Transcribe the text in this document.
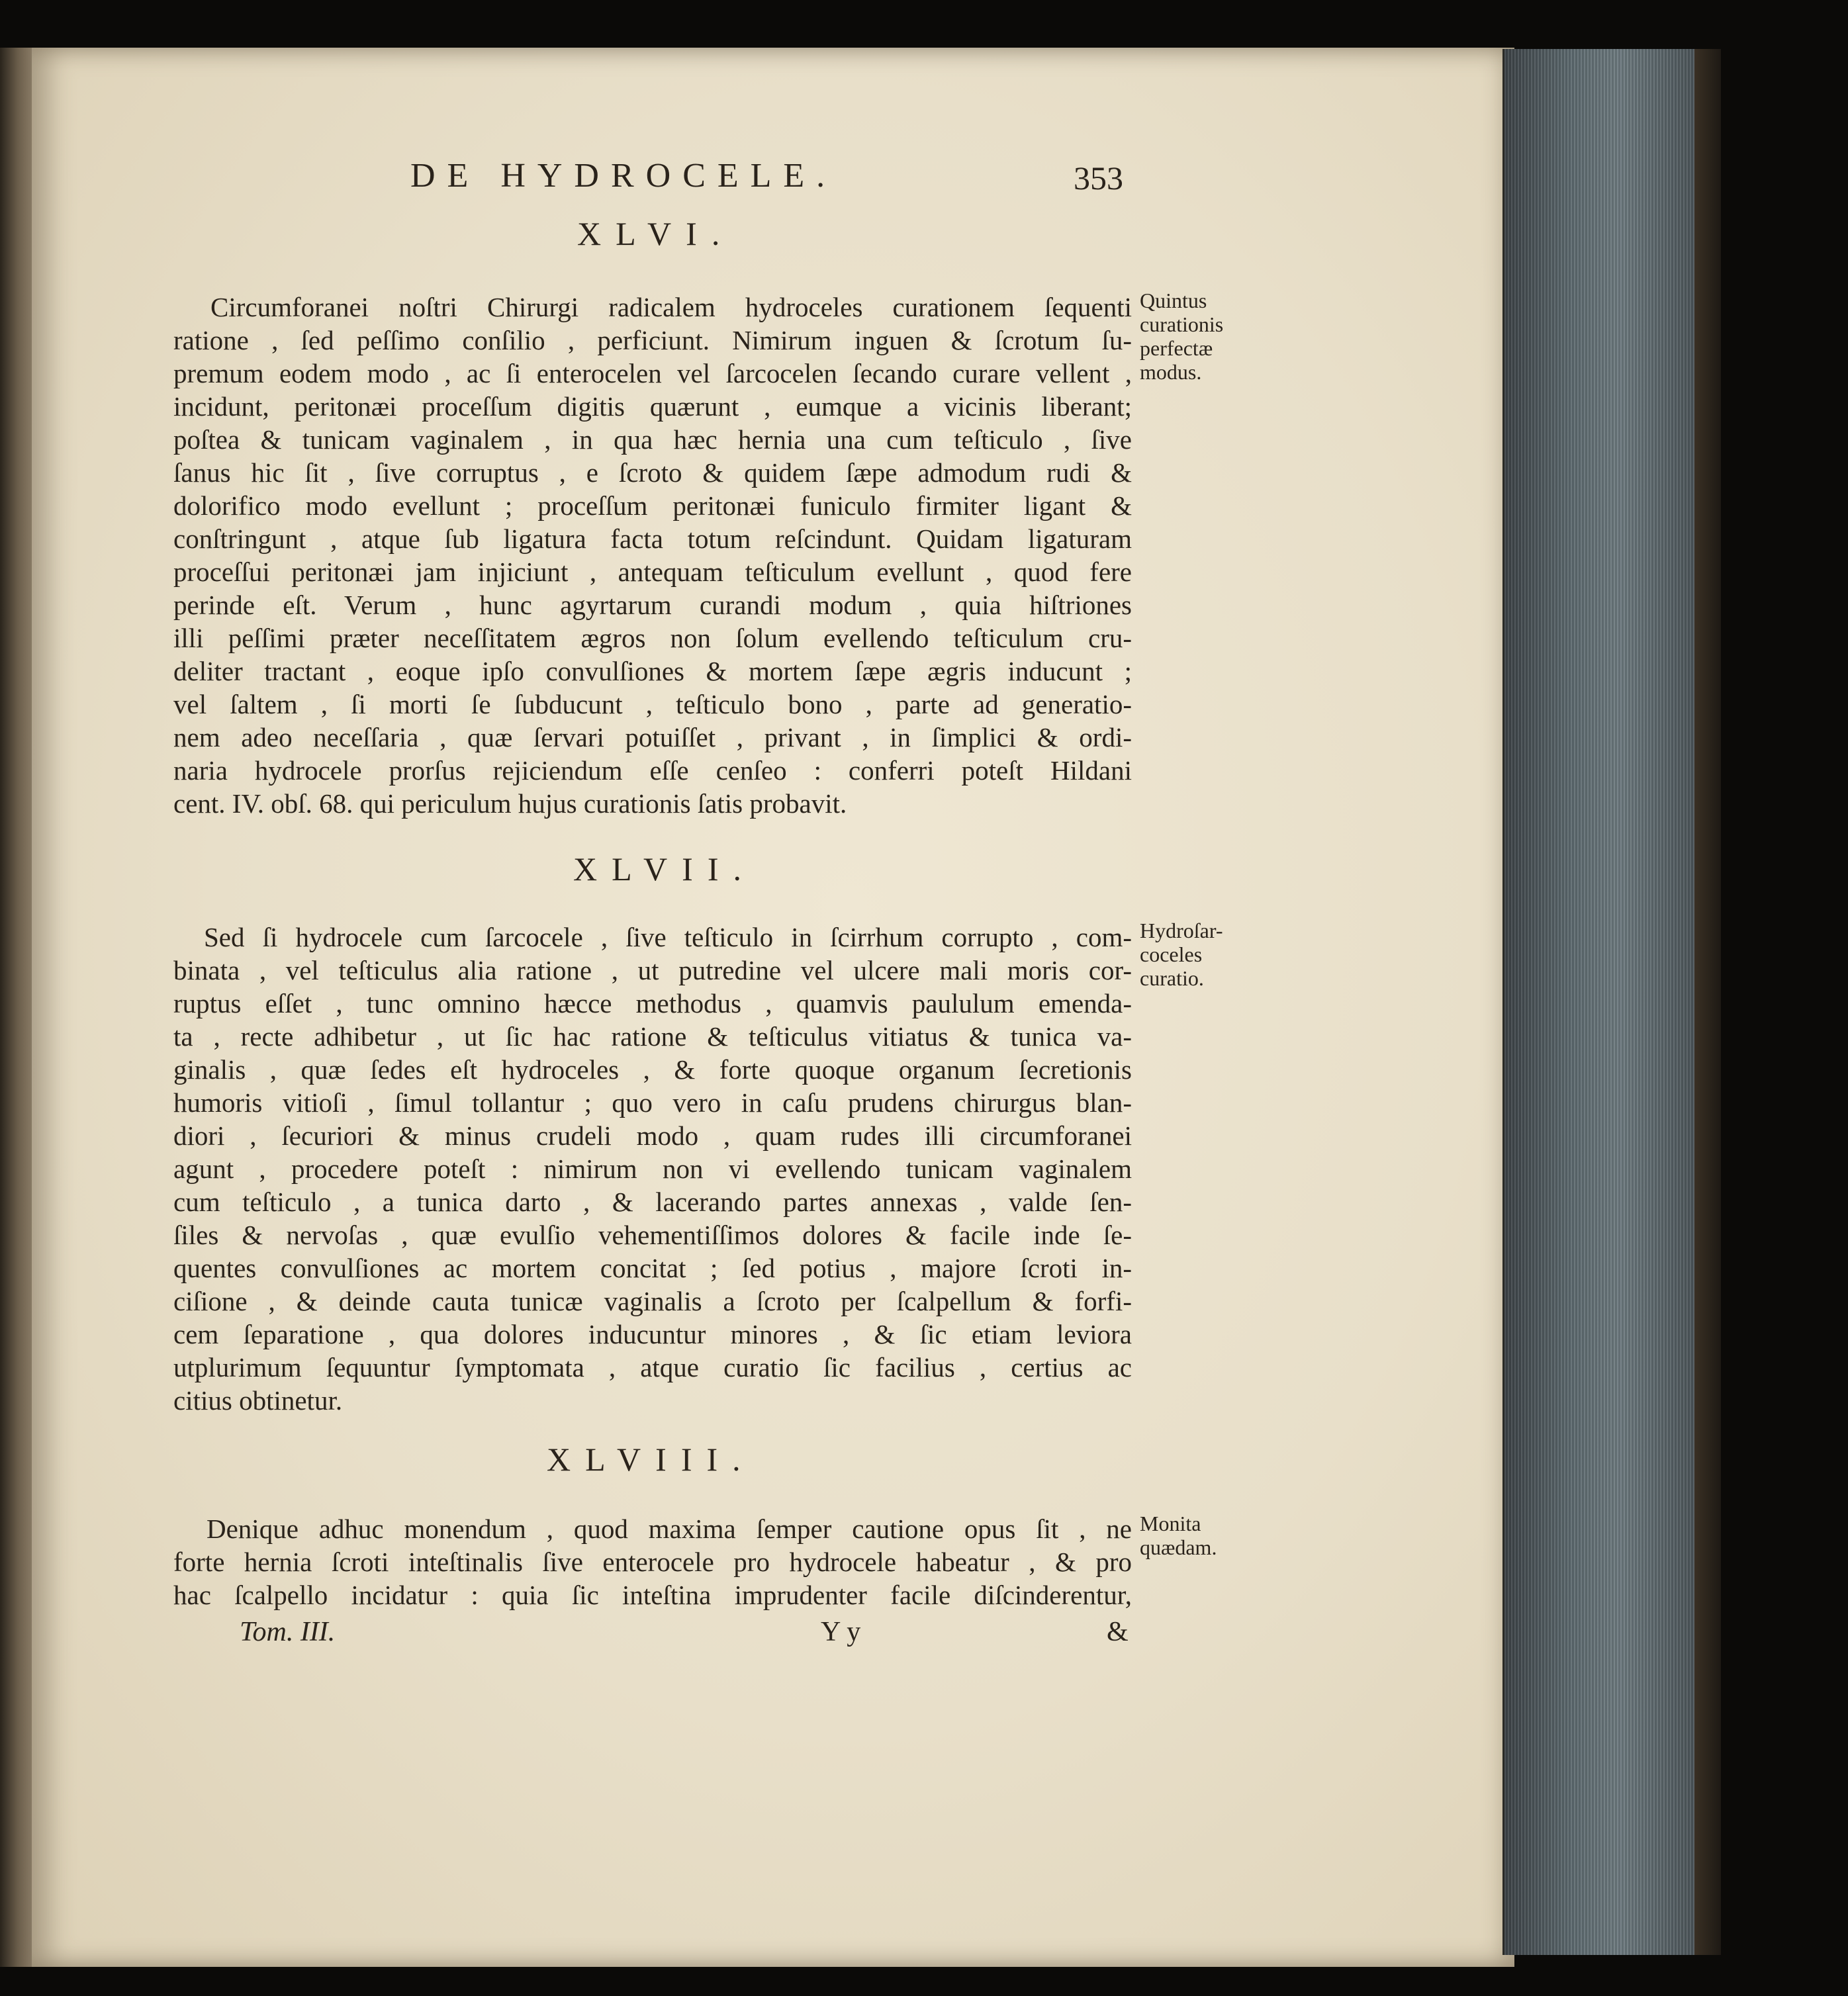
DE HYDROCELE.	353
XLVI.
Quintus
curationis
perfectæ
modus.
Circumforanei noſtri Chirurgi radicalem hydroceles curationem ſequenti
ratione , ſed peſſimo conſilio , perficiunt. Nimirum inguen & ſcrotum ſu-
premum eodem modo , ac ſi enterocelen vel ſarcocelen ſecando curare vellent ,
incidunt, peritonæi proceſſum digitis quærunt , eumque a vicinis liberant;
poſtea & tunicam vaginalem , in qua hæc hernia una cum teſticulo , ſive
ſanus hic ſit , ſive corruptus , e ſcroto & quidem ſæpe admodum rudi &
dolorifico modo evellunt ; proceſſum peritonæi funiculo firmiter ligant &
conſtringunt , atque ſub ligatura facta totum reſcindunt. Quidam ligaturam
proceſſui peritonæi jam injiciunt , antequam teſticulum evellunt , quod fere
perinde eſt. Verum , hunc agyrtarum curandi modum , quia hiſtriones
illi peſſimi præter neceſſitatem ægros non ſolum evellendo teſticulum cru-
deliter tractant , eoque ipſo convulſiones & mortem ſæpe ægris inducunt ;
vel ſaltem , ſi morti ſe ſubducunt , teſticulo bono , parte ad generatio-
nem adeo neceſſaria , quæ ſervari potuiſſet , privant , in ſimplici & ordi-
naria hydrocele prorſus rejiciendum eſſe cenſeo : conferri poteſt Hildani
cent. IV. obſ. 68. qui periculum hujus curationis ſatis probavit.
XLVII.
Hydroſar-
coceles
curatio.
Sed ſi hydrocele cum ſarcocele , ſive teſticulo in ſcirrhum corrupto , com-
binata , vel teſticulus alia ratione , ut putredine vel ulcere mali moris cor-
ruptus eſſet , tunc omnino hæcce methodus , quamvis paululum emenda-
ta , recte adhibetur , ut ſic hac ratione & teſticulus vitiatus & tunica va-
ginalis , quæ ſedes eſt hydroceles , & forte quoque organum ſecretionis
humoris vitioſi , ſimul tollantur ; quo vero in caſu prudens chirurgus blan-
diori , ſecuriori & minus crudeli modo , quam rudes illi circumforanei
agunt , procedere poteſt : nimirum non vi evellendo tunicam vaginalem
cum teſticulo , a tunica darto , & lacerando partes annexas , valde ſen-
ſiles & nervoſas , quæ evulſio vehementiſſimos dolores & facile inde ſe-
quentes convulſiones ac mortem concitat ; ſed potius , majore ſcroti in-
ciſione , & deinde cauta tunicæ vaginalis a ſcroto per ſcalpellum & forfi-
cem ſeparatione , qua dolores inducuntur minores , & ſic etiam leviora
utplurimum ſequuntur ſymptomata , atque curatio ſic facilius , certius ac
citius obtinetur.
XLVIII.
Monita
quædam.
Denique adhuc monendum , quod maxima ſemper cautione opus ſit , ne
forte hernia ſcroti inteſtinalis ſive enterocele pro hydrocele habeatur , & pro
hac ſcalpello incidatur : quia ſic inteſtina imprudenter facile diſcinderentur,
Tom. III.	Y y	&
